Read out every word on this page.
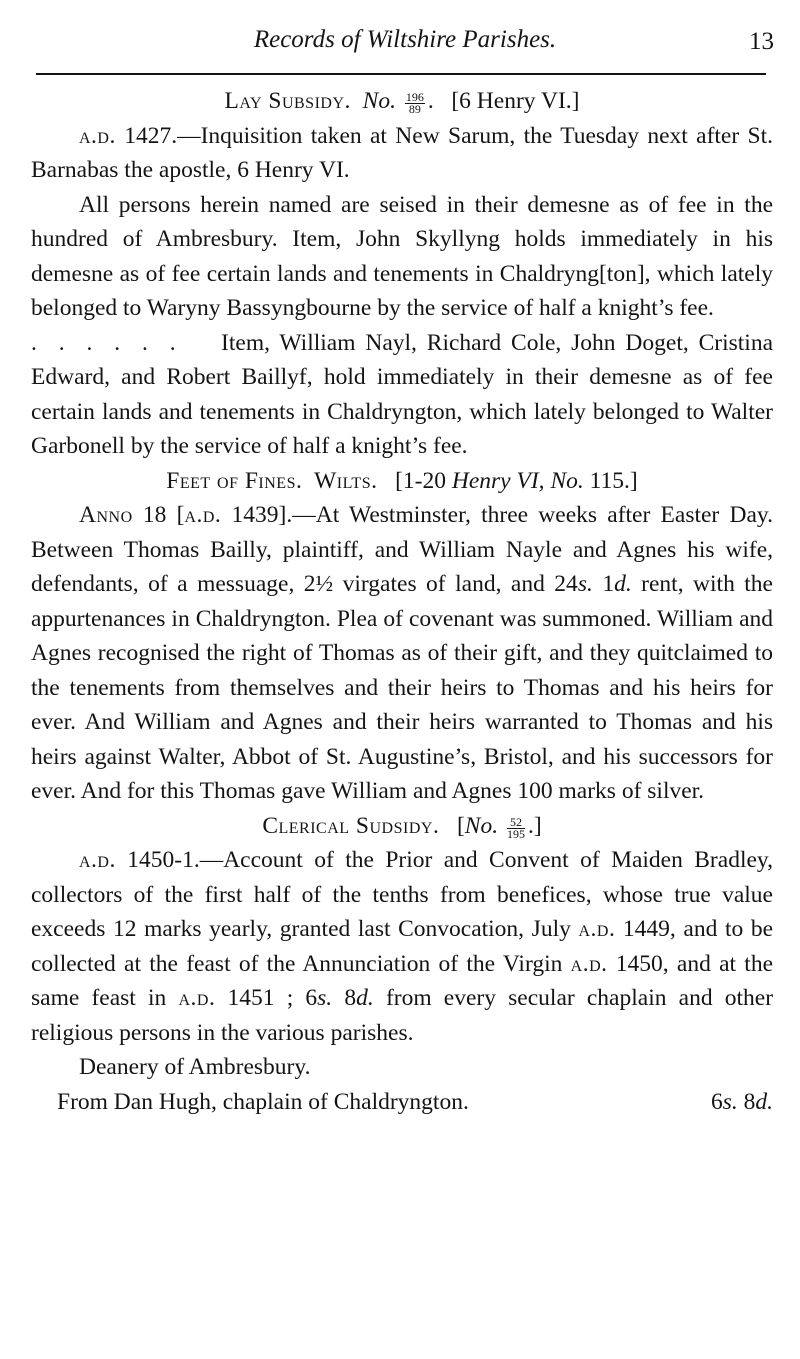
Records of Wiltshire Parishes.	13
Lay Subsidy. No. $\frac{196}{89}$ .   [6 Henry VI.]

a.d. 1427.—Inquisition taken at New Sarum, the Tuesday next after St. Barnabas the apostle, 6 Henry VI.

All persons herein named are seised in their demesne as of fee in the hundred of Ambresbury. Item, John Skyllyng holds immediately in his demesne as of fee certain lands and tenements in Chaldryng[ton], which lately belonged to Waryny Bassyngbourne by the service of half a knight’s fee.

. . . . . . Item, William Nayl, Richard Cole, John Doget, Cristina Edward, and Robert Baillyf, hold immediately in their demesne as of fee certain lands and tenements in Chaldryngton, which lately belonged to Walter Garbonell by the service of half a knight’s fee.

Feet of Fines. Wilts. [1-20 Henry VI, No. 115.]

Anno 18 [a.d. 1439].—At Westminster, three weeks after Easter Day. Between Thomas Bailly, plaintiff, and William Nayle and Agnes his wife, defendants, of a messuage, 2½ virgates of land, and 24s. 1d. rent, with the appurtenances in Chaldryngton. Plea of covenant was summoned. William and Agnes recognised the right of Thomas as of their gift, and they quitclaimed to the tenements from themselves and their heirs to Thomas and his heirs for ever. And William and Agnes and their heirs warranted to Thomas and his heirs against Walter, Abbot of St. Augustine’s, Bristol, and his successors for ever. And for this Thomas gave William and Agnes 100 marks of silver.

Clerical Sudsidy. [No. $\frac{52}{195}$ .]

a.d. 1450-1.—Account of the Prior and Convent of Maiden Bradley, collectors of the first half of the tenths from benefices, whose true value exceeds 12 marks yearly, granted last Convocation, July a.d. 1449, and to be collected at the feast of the Annunciation of the Virgin a.d. 1450, and at the same feast in a.d. 1451 ; 6s. 8d. from every secular chaplain and other religious persons in the various parishes.

Deanery of Ambresbury.
From Dan Hugh, chaplain of Chaldryngton.	6s. 8d.
